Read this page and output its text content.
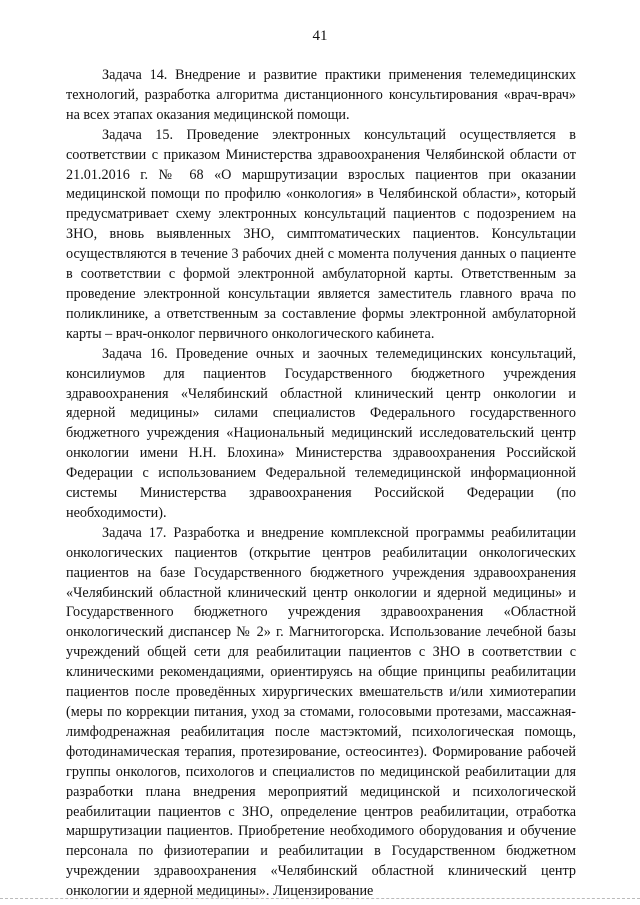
41

Задача 14. Внедрение и развитие практики применения телемедицинских технологий, разработка алгоритма дистанционного консультирования «врач-врач» на всех этапах оказания медицинской помощи.

Задача 15. Проведение электронных консультаций осуществляется в соответствии с приказом Министерства здравоохранения Челябинской области от 21.01.2016 г. № 68 «О маршрутизации взрослых пациентов при оказании медицинской помощи по профилю «онкология» в Челябинской области», который предусматривает схему электронных консультаций пациентов с подозрением на ЗНО, вновь выявленных ЗНО, симптоматических пациентов. Консультации осуществляются в течение 3 рабочих дней с момента получения данных о пациенте в соответствии с формой электронной амбулаторной карты. Ответственным за проведение электронной консультации является заместитель главного врача по поликлинике, а ответственным за составление формы электронной амбулаторной карты – врач-онколог первичного онкологического кабинета.

Задача 16. Проведение очных и заочных телемедицинских консультаций, консилиумов для пациентов Государственного бюджетного учреждения здравоохранения «Челябинский областной клинический центр онкологии и ядерной медицины» силами специалистов Федерального государственного бюджетного учреждения «Национальный медицинский исследовательский центр онкологии имени Н.Н. Блохина» Министерства здравоохранения Российской Федерации с использованием Федеральной телемедицинской информационной системы Министерства здравоохранения Российской Федерации (по необходимости).

Задача 17. Разработка и внедрение комплексной программы реабилитации онкологических пациентов (открытие центров реабилитации онкологических пациентов на базе Государственного бюджетного учреждения здравоохранения «Челябинский областной клинический центр онкологии и ядерной медицины» и Государственного бюджетного учреждения здравоохранения «Областной онкологический диспансер № 2» г. Магнитогорска. Использование лечебной базы учреждений общей сети для реабилитации пациентов с ЗНО в соответствии с клиническими рекомендациями, ориентируясь на общие принципы реабилитации пациентов после проведённых хирургических вмешательств и/или химиотерапии (меры по коррекции питания, уход за стомами, голосовыми протезами, массажная-лимфодренажная реабилитация после мастэктомий, психологическая помощь, фотодинамическая терапия, протезирование, остеосинтез). Формирование рабочей группы онкологов, психологов и специалистов по медицинской реабилитации для разработки плана внедрения мероприятий медицинской и психологической реабилитации пациентов с ЗНО, определение центров реабилитации, отработка маршрутизации пациентов. Приобретение необходимого оборудования и обучение персонала по физиотерапии и реабилитации в Государственном бюджетном учреждении здравоохранения «Челябинский областной клинический центр онкологии и ядерной медицины». Лицензирование
